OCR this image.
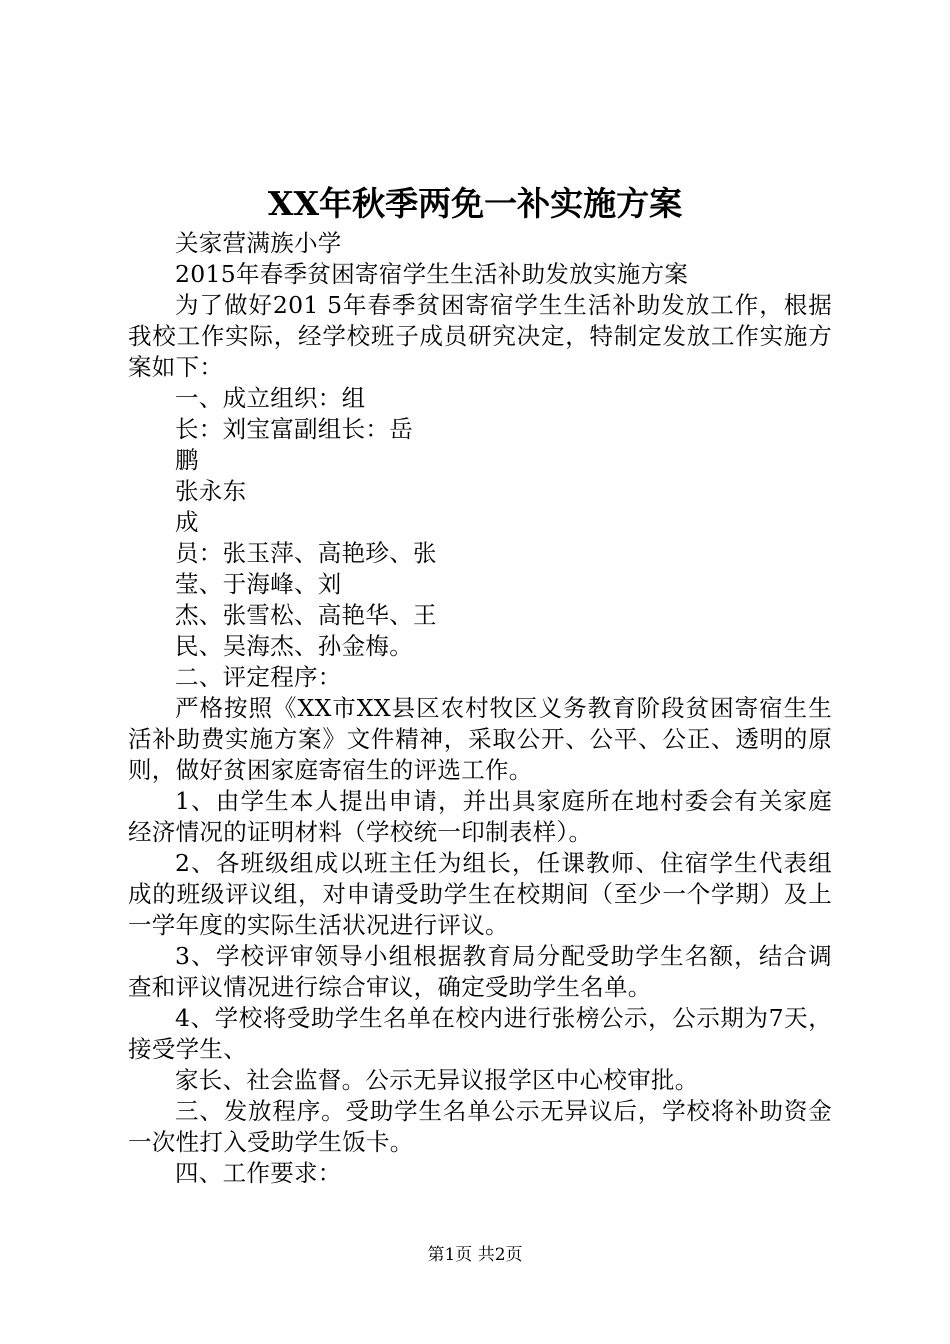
XX年秋季两免一补实施方案

关家营满族小学

2015年春季贫困寄宿学生生活补助发放实施方案

为了做好201 5年春季贫困寄宿学生生活补助发放工作，根据我校工作实际，经学校班子成员研究决定，特制定发放工作实施方案如下：

一、成立组织：组

长：刘宝富副组长：岳

鹏

张永东

成

员：张玉萍、高艳珍、张

莹、于海峰、刘

杰、张雪松、高艳华、王

民、吴海杰、孙金梅。

二、评定程序：

严格按照《XX市XX县区农村牧区义务教育阶段贫困寄宿生生活补助费实施方案》文件精神，采取公开、公平、公正、透明的原则，做好贫困家庭寄宿生的评选工作。

1、由学生本人提出申请，并出具家庭所在地村委会有关家庭经济情况的证明材料（学校统一印制表样）。

2、各班级组成以班主任为组长，任课教师、住宿学生代表组成的班级评议组，对申请受助学生在校期间（至少一个学期）及上一学年度的实际生活状况进行评议。

3、学校评审领导小组根据教育局分配受助学生名额，结合调查和评议情况进行综合审议，确定受助学生名单。

4、学校将受助学生名单在校内进行张榜公示，公示期为7天，接受学生、

家长、社会监督。公示无异议报学区中心校审批。

三、发放程序。受助学生名单公示无异议后，学校将补助资金一次性打入受助学生饭卡。

四、工作要求：

第1页 共2页
